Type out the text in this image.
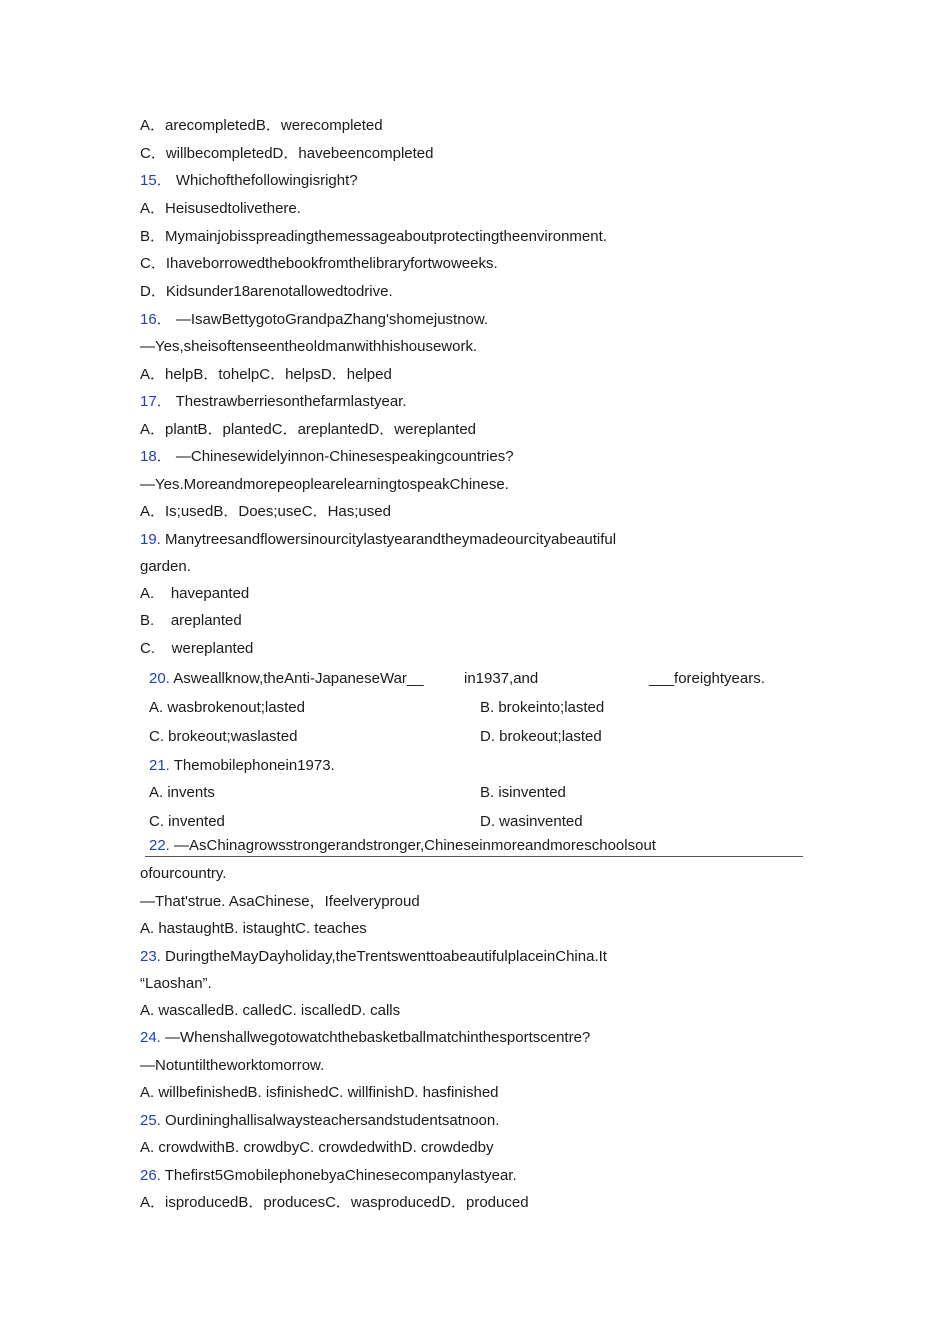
A．arecompletedB．werecompleted
C．willbecompletedD．havebeencompleted
15． Whichofthefollowingisright?
A．Heisusedtolivethere.
B．Mymainjobisspreadingthemessageaboutprotectingtheenvironment.
C．Ihaveborrowedthebookfromthelibraryfortwoweeks.
D．Kidsunder18arenotallowedtodrive.
16． —IsawBettygotoGrandpaZhang'shomejustnow.
—Yes,sheisoftenseentheoldmanwithhishousework.
A．helpB．tohelpC．helpsD．helped
17． Thestrawberriesonthefarmlastyear.
A．plantB．plantedC．areplantedD．wereplanted
18． —Chinesewidelyinnon-Chinesespeakingcountries?
—Yes.MoreandmorepeoplearelearningtospeakChinese.
A．Is;usedB．Does;useC．Has;used
19. Manytreesandflowersinourcitylastyearandtheymadeourcityabeautiful
garden.
A.    havepanted
B.    areplanted
C.    wereplanted
20. Asweallknow,theAnti-JapaneseWar__	in1937,and	___foreightyears.
A. wasbrokenout;lasted	B. brokeinto;lasted
C. brokeout;waslasted	D. brokeout;lasted
21. Themobilephonein1973.
A. invents	B. isinvented
C. invented	D. wasinvented
22. —AsChinagrowsstrongerandstronger,Chineseinmoreandmoreschoolsout
ofourcountry.
—That'strue. AsaChinese，Ifeelveryproud
A. hastaughtB. istaughtC. teaches
23. DuringtheMayDayholiday,theTrentswenttoabeautifulplaceinChina.It
“Laoshan”.
A. wascalledB. calledC. iscalledD. calls
24. —Whenshallwegotowatchthebasketballmatchinthesportscentre?
—Notuntiltheworktomorrow.
A. willbefinishedB. isfinishedC. willfinishD. hasfinished
25. Ourdininghallisalwaysteachersandstudentsatnoon.
A. crowdwithB. crowdbyC. crowdedwithD. crowdedby
26. Thefirst5GmobilephonebyaChinesecompanylastyear.
A．isproducedB．producesC．wasproducedD．produced
